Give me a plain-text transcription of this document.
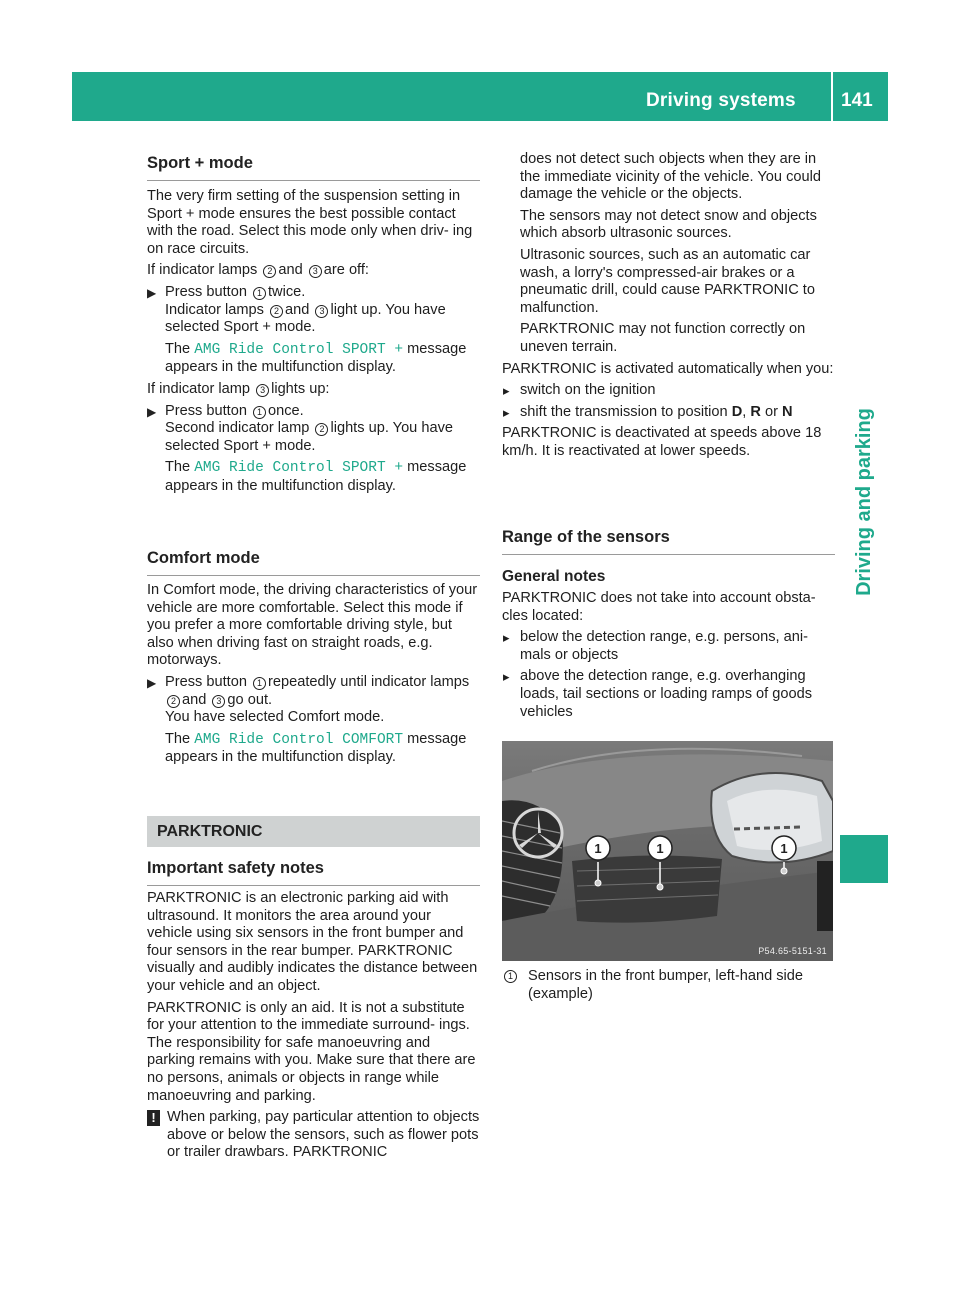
Driving systems 141
Driving and parking
Sport + mode

The very firm setting of the suspension setting in Sport + mode ensures the best possible contact with the road. Select this mode only when driv- ing on race circuits.

If indicator lamps 2 and 3 are off:

▶ Press button 1 twice.
Indicator lamps 2 and 3 light up. You have selected Sport + mode.

The AMG Ride Control SPORT + message appears in the multifunction display.

If indicator lamp 3 lights up:

▶ Press button 1 once.
Second indicator lamp 2 lights up. You have selected Sport + mode.

The AMG Ride Control SPORT + message appears in the multifunction display.

Comfort mode

In Comfort mode, the driving characteristics of your vehicle are more comfortable. Select this mode if you prefer a more comfortable driving style, but also when driving fast on straight roads, e.g. motorways.

▶ Press button 1 repeatedly until indicator lamps 2 and 3 go out.
You have selected Comfort mode.

The AMG Ride Control COMFORT message appears in the multifunction display.

PARKTRONIC
Important safety notes

PARKTRONIC is an electronic parking aid with ultrasound. It monitors the area around your vehicle using six sensors in the front bumper and four sensors in the rear bumper. PARKTRONIC visually and audibly indicates the distance between your vehicle and an object.

PARKTRONIC is only an aid. It is not a substitute for your attention to the immediate surround- ings. The responsibility for safe manoeuvring and parking remains with you. Make sure that there are no persons, animals or objects in range while manoeuvring and parking.

! When parking, pay particular attention to objects above or below the sensors, such as flower pots or trailer drawbars. PARKTRONIC

does not detect such objects when they are in the immediate vicinity of the vehicle. You could damage the vehicle or the objects.

The sensors may not detect snow and objects which absorb ultrasonic sources.

Ultrasonic sources, such as an automatic car wash, a lorry's compressed-air brakes or a pneumatic drill, could cause PARKTRONIC to malfunction.

PARKTRONIC may not function correctly on uneven terrain.

PARKTRONIC is activated automatically when you:

▸ switch on the ignition
▸ shift the transmission to position D, R or N

PARKTRONIC is deactivated at speeds above 18 km/h. It is reactivated at lower speeds.

Range of the sensors
General notes

PARKTRONIC does not take into account obsta- cles located:

▸ below the detection range, e.g. persons, ani- mals or objects
▸ above the detection range, e.g. overhanging loads, tail sections or loading ramps of goods vehicles
1	1	1
P54.65-5151-31
1 Sensors in the front bumper, left-hand side (example)
